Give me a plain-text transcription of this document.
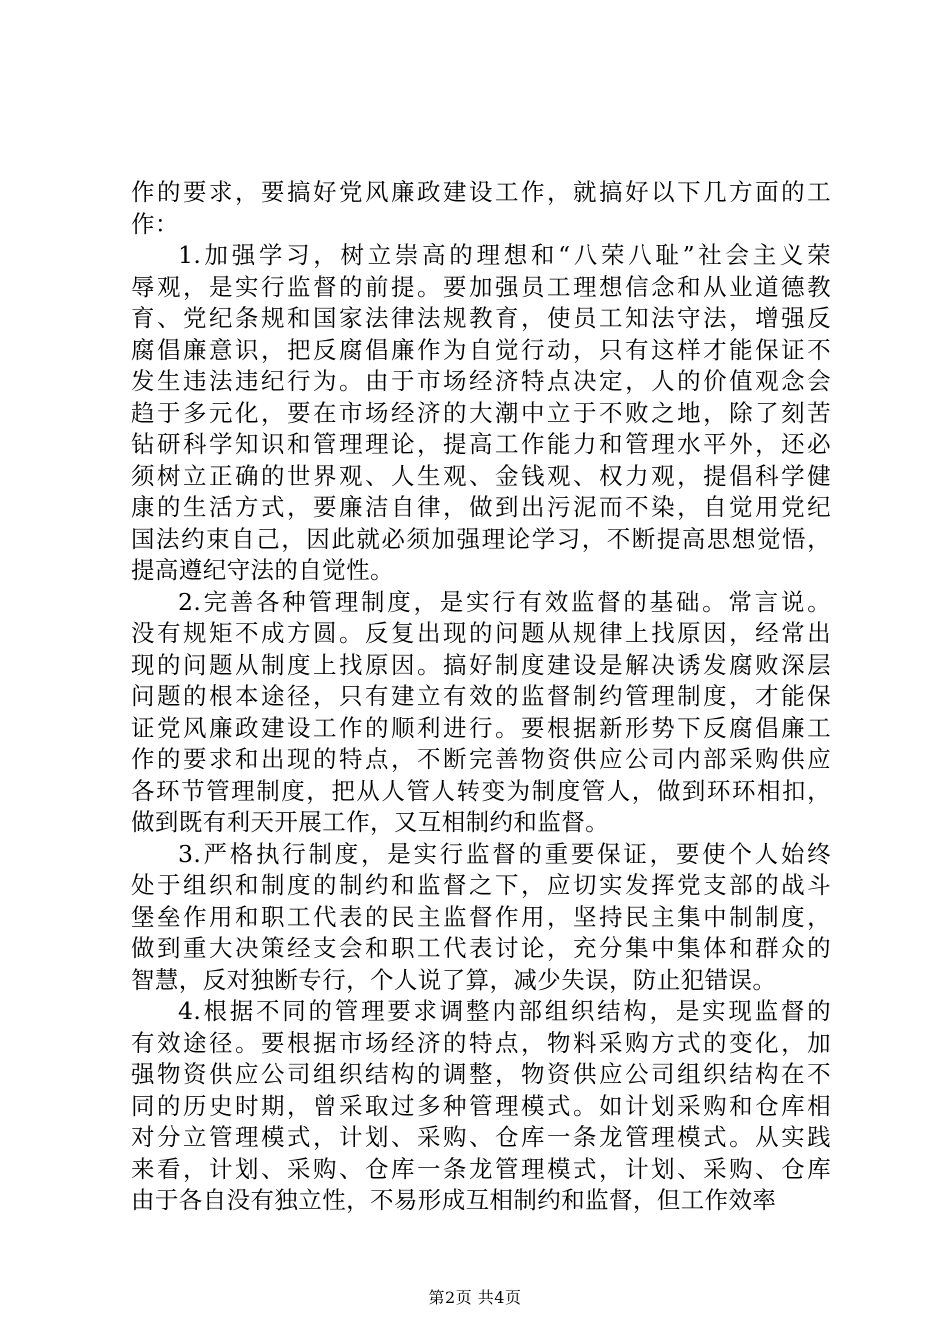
作的要求，要搞好党风廉政建设工作，就搞好以下几方面的工
作：
1.加强学习，树立崇高的理想和“八荣八耻”社会主义荣
辱观，是实行监督的前提。要加强员工理想信念和从业道德教
育、党纪条规和国家法律法规教育，使员工知法守法，增强反
腐倡廉意识，把反腐倡廉作为自觉行动，只有这样才能保证不
发生违法违纪行为。由于市场经济特点决定，人的价值观念会
趋于多元化，要在市场经济的大潮中立于不败之地，除了刻苦
钻研科学知识和管理理论，提高工作能力和管理水平外，还必
须树立正确的世界观、人生观、金钱观、权力观，提倡科学健
康的生活方式，要廉洁自律，做到出污泥而不染，自觉用党纪
国法约束自己，因此就必须加强理论学习，不断提高思想觉悟，
提高遵纪守法的自觉性。
2.完善各种管理制度，是实行有效监督的基础。常言说。
没有规矩不成方圆。反复出现的问题从规律上找原因，经常出
现的问题从制度上找原因。搞好制度建设是解决诱发腐败深层
问题的根本途径，只有建立有效的监督制约管理制度，才能保
证党风廉政建设工作的顺利进行。要根据新形势下反腐倡廉工
作的要求和出现的特点，不断完善物资供应公司内部采购供应
各环节管理制度，把从人管人转变为制度管人，做到环环相扣，
做到既有利天开展工作，又互相制约和监督。
3.严格执行制度，是实行监督的重要保证，要使个人始终
处于组织和制度的制约和监督之下，应切实发挥党支部的战斗
堡垒作用和职工代表的民主监督作用，坚持民主集中制制度，
做到重大决策经支会和职工代表讨论，充分集中集体和群众的
智慧，反对独断专行，个人说了算，减少失误，防止犯错误。
4.根据不同的管理要求调整内部组织结构，是实现监督的
有效途径。要根据市场经济的特点，物料采购方式的变化，加
强物资供应公司组织结构的调整，物资供应公司组织结构在不
同的历史时期，曾采取过多种管理模式。如计划采购和仓库相
对分立管理模式，计划、采购、仓库一条龙管理模式。从实践
来看，计划、采购、仓库一条龙管理模式，计划、采购、仓库
由于各自没有独立性，不易形成互相制约和监督，但工作效率
第2页 共4页
